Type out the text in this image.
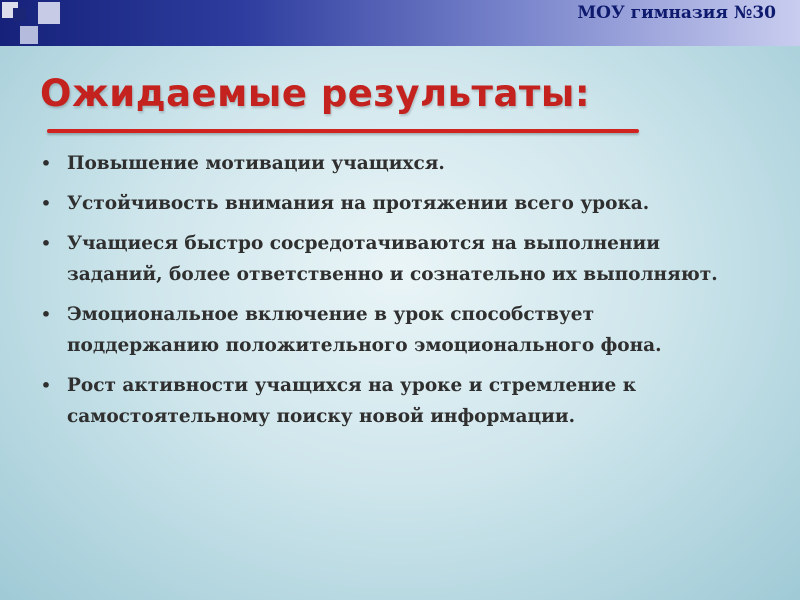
МОУ гимназия №30
Ожидаемые результаты:
• Повышение мотивации учащихся.
• Устойчивость внимания на протяжении всего урока.
• Учащиеся быстро сосредотачиваются на выполнении заданий, более ответственно и сознательно их выполняют.
• Эмоциональное включение в урок способствует поддержанию положительного эмоционального фона.
• Рост активности учащихся на уроке и стремление к самостоятельному поиску новой информации.
